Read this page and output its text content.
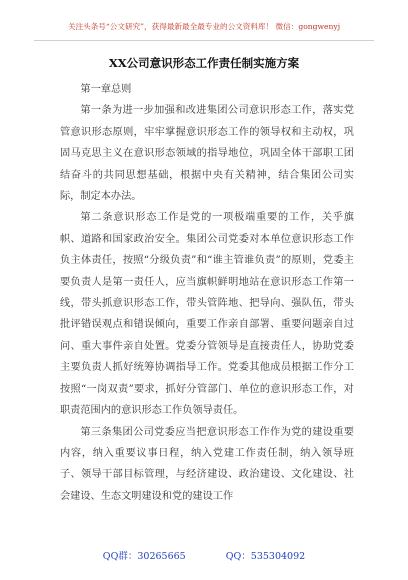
关注头条号“公文研究”，获得最新最全最专业的公文资料库！ 微信：gongwenyj
XX公司意识形态工作责任制实施方案

第一章总则

第一条为进一步加强和改进集团公司意识形态工作，落实党管意识形态原则，牢牢掌握意识形态工作的领导权和主动权，巩固马克思主义在意识形态领域的指导地位，巩固全体干部职工团结奋斗的共同思想基础，根据中央有关精神，结合集团公司实际，制定本办法。

第二条意识形态工作是党的一项极端重要的工作，关乎旗帜、道路和国家政治安全。集团公司党委对本单位意识形态工作负主体责任，按照“分级负责”和“谁主管谁负责”的原则，党委主要负责人是第一责任人，应当旗帜鲜明地站在意识形态工作第一线，带头抓意识形态工作，带头管阵地、把导向、强队伍，带头批评错误观点和错误倾向，重要工作亲自部署、重要问题亲自过问、重大事件亲自处置。党委分管领导是直接责任人，协助党委主要负责人抓好统筹协调指导工作。党委其他成员根据工作分工按照“一岗双责”要求，抓好分管部门、单位的意识形态工作，对职责范围内的意识形态工作负领导责任。

第三条集团公司党委应当把意识形态工作作为党的建设重要内容，纳入重要议事日程，纳入党建工作责任制，纳入领导班子、领导干部目标管理，与经济建设、政治建设、文化建设、社会建设、生态文明建设和党的建设工作

QQ群：30265665	QQ：535304092
